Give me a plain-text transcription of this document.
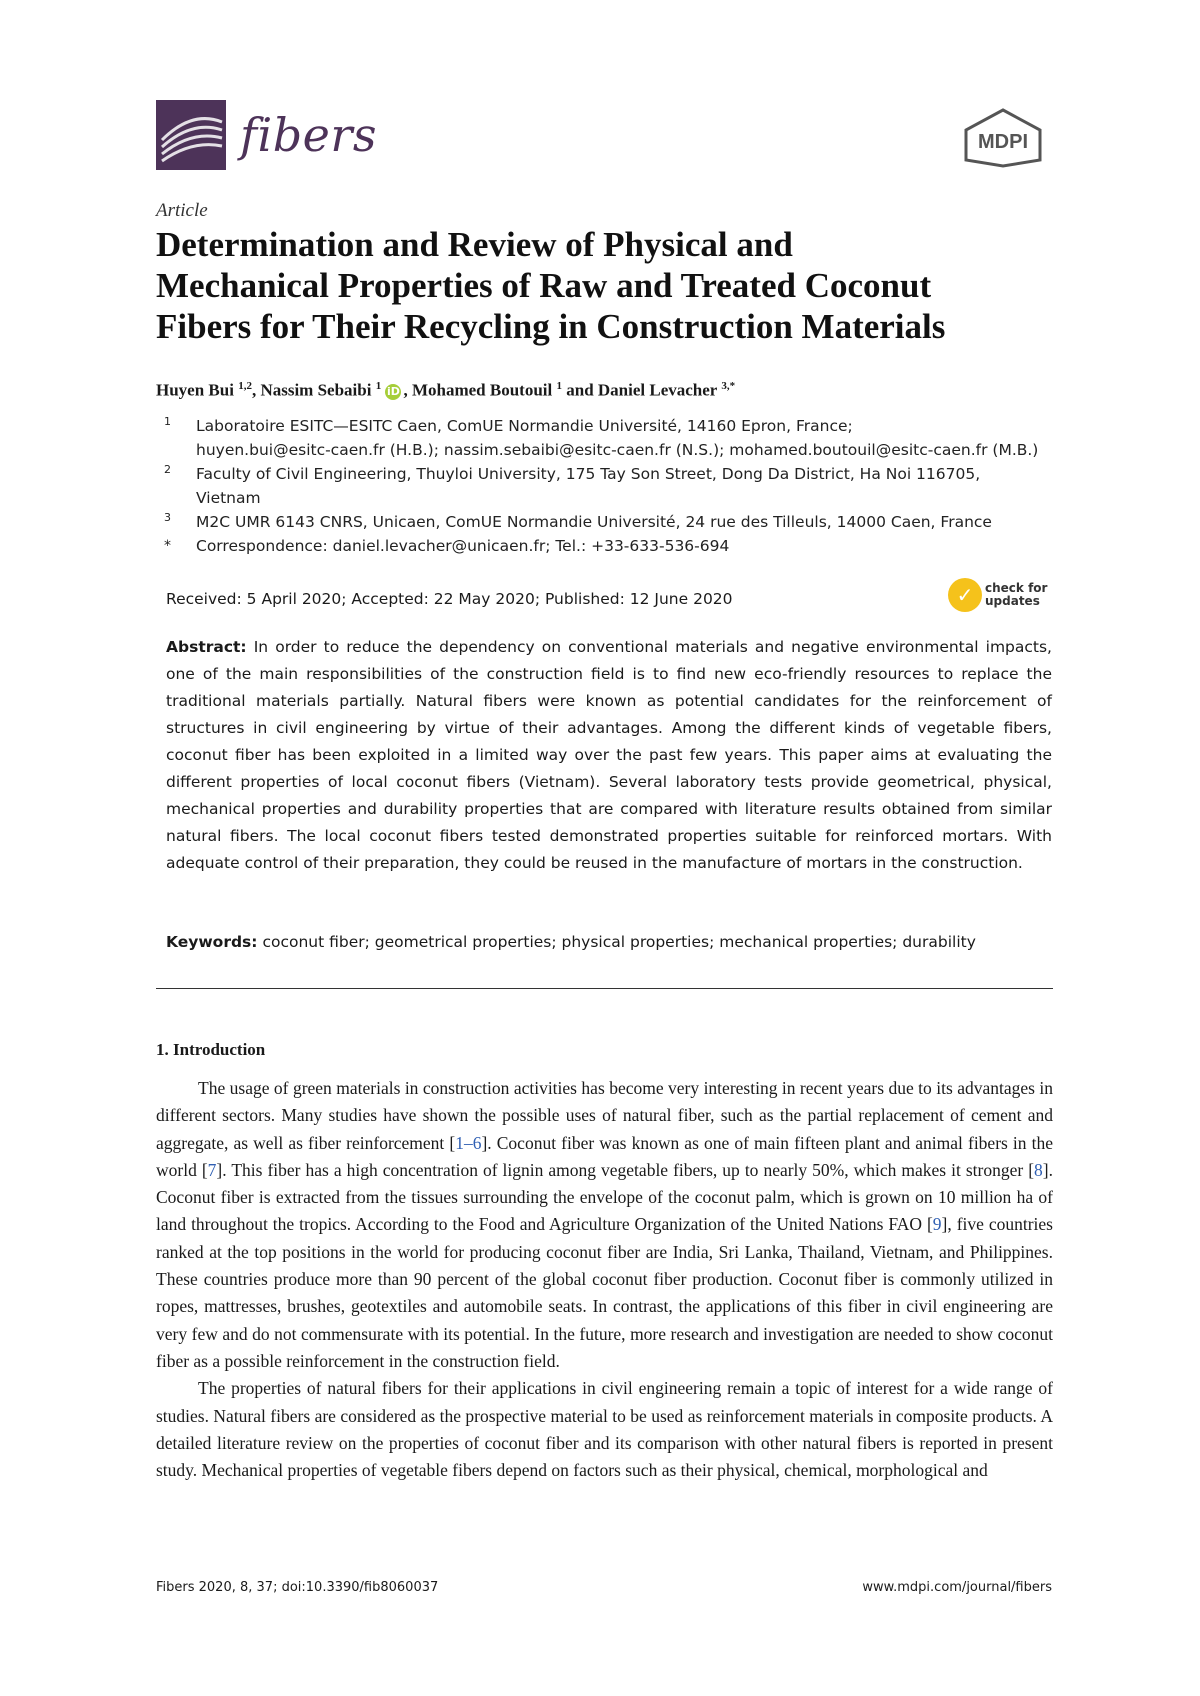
fibers	MDPI
Article
Determination and Review of Physical and
Mechanical Properties of Raw and Treated Coconut
Fibers for Their Recycling in Construction Materials
Huyen Bui $^{1,2}$, Nassim Sebaibi $^1$ iD , Mohamed Boutouil $^1$ and Daniel Levacher $^{3,*}$
1 Laboratoire ESITC—ESITC Caen, ComUE Normandie Université, 14160 Epron, France;
huyen.bui@esitc-caen.fr (H.B.); nassim.sebaibi@esitc-caen.fr (N.S.); mohamed.boutouil@esitc-caen.fr (M.B.)
2 Faculty of Civil Engineering, Thuyloi University, 175 Tay Son Street, Dong Da District, Ha Noi 116705,
Vietnam
3 M2C UMR 6143 CNRS, Unicaen, ComUE Normandie Université, 24 rue des Tilleuls, 14000 Caen, France
* Correspondence: daniel.levacher@unicaen.fr; Tel.: +33-633-536-694
Received: 5 April 2020; Accepted: 22 May 2020; Published: 12 June 2020	✓ check for
updates
Abstract: In order to reduce the dependency on conventional materials and negative environmental impacts, one of the main responsibilities of the construction field is to find new eco-friendly resources to replace the traditional materials partially. Natural fibers were known as potential candidates for the reinforcement of structures in civil engineering by virtue of their advantages. Among the different kinds of vegetable fibers, coconut fiber has been exploited in a limited way over the past few years. This paper aims at evaluating the different properties of local coconut fibers (Vietnam). Several laboratory tests provide geometrical, physical, mechanical properties and durability properties that are compared with literature results obtained from similar natural fibers. The local coconut fibers tested demonstrated properties suitable for reinforced mortars. With adequate control of their preparation, they could be reused in the manufacture of mortars in the construction.
Keywords: coconut fiber; geometrical properties; physical properties; mechanical properties; durability
1. Introduction

The usage of green materials in construction activities has become very interesting in recent years due to its advantages in different sectors. Many studies have shown the possible uses of natural fiber, such as the partial replacement of cement and aggregate, as well as fiber reinforcement [1–6]. Coconut fiber was known as one of main fifteen plant and animal fibers in the world [7]. This fiber has a high concentration of lignin among vegetable fibers, up to nearly 50%, which makes it stronger [8]. Coconut fiber is extracted from the tissues surrounding the envelope of the coconut palm, which is grown on 10 million ha of land throughout the tropics. According to the Food and Agriculture Organization of the United Nations FAO [9], five countries ranked at the top positions in the world for producing coconut fiber are India, Sri Lanka, Thailand, Vietnam, and Philippines. These countries produce more than 90 percent of the global coconut fiber production. Coconut fiber is commonly utilized in ropes, mattresses, brushes, geotextiles and automobile seats. In contrast, the applications of this fiber in civil engineering are very few and do not commensurate with its potential. In the future, more research and investigation are needed to show coconut fiber as a possible reinforcement in the construction field.

The properties of natural fibers for their applications in civil engineering remain a topic of interest for a wide range of studies. Natural fibers are considered as the prospective material to be used as reinforcement materials in composite products. A detailed literature review on the properties of coconut fiber and its comparison with other natural fibers is reported in present study. Mechanical properties of vegetable fibers depend on factors such as their physical, chemical, morphological and

Fibers 2020, 8, 37; doi:10.3390/fib8060037	www.mdpi.com/journal/fibers
